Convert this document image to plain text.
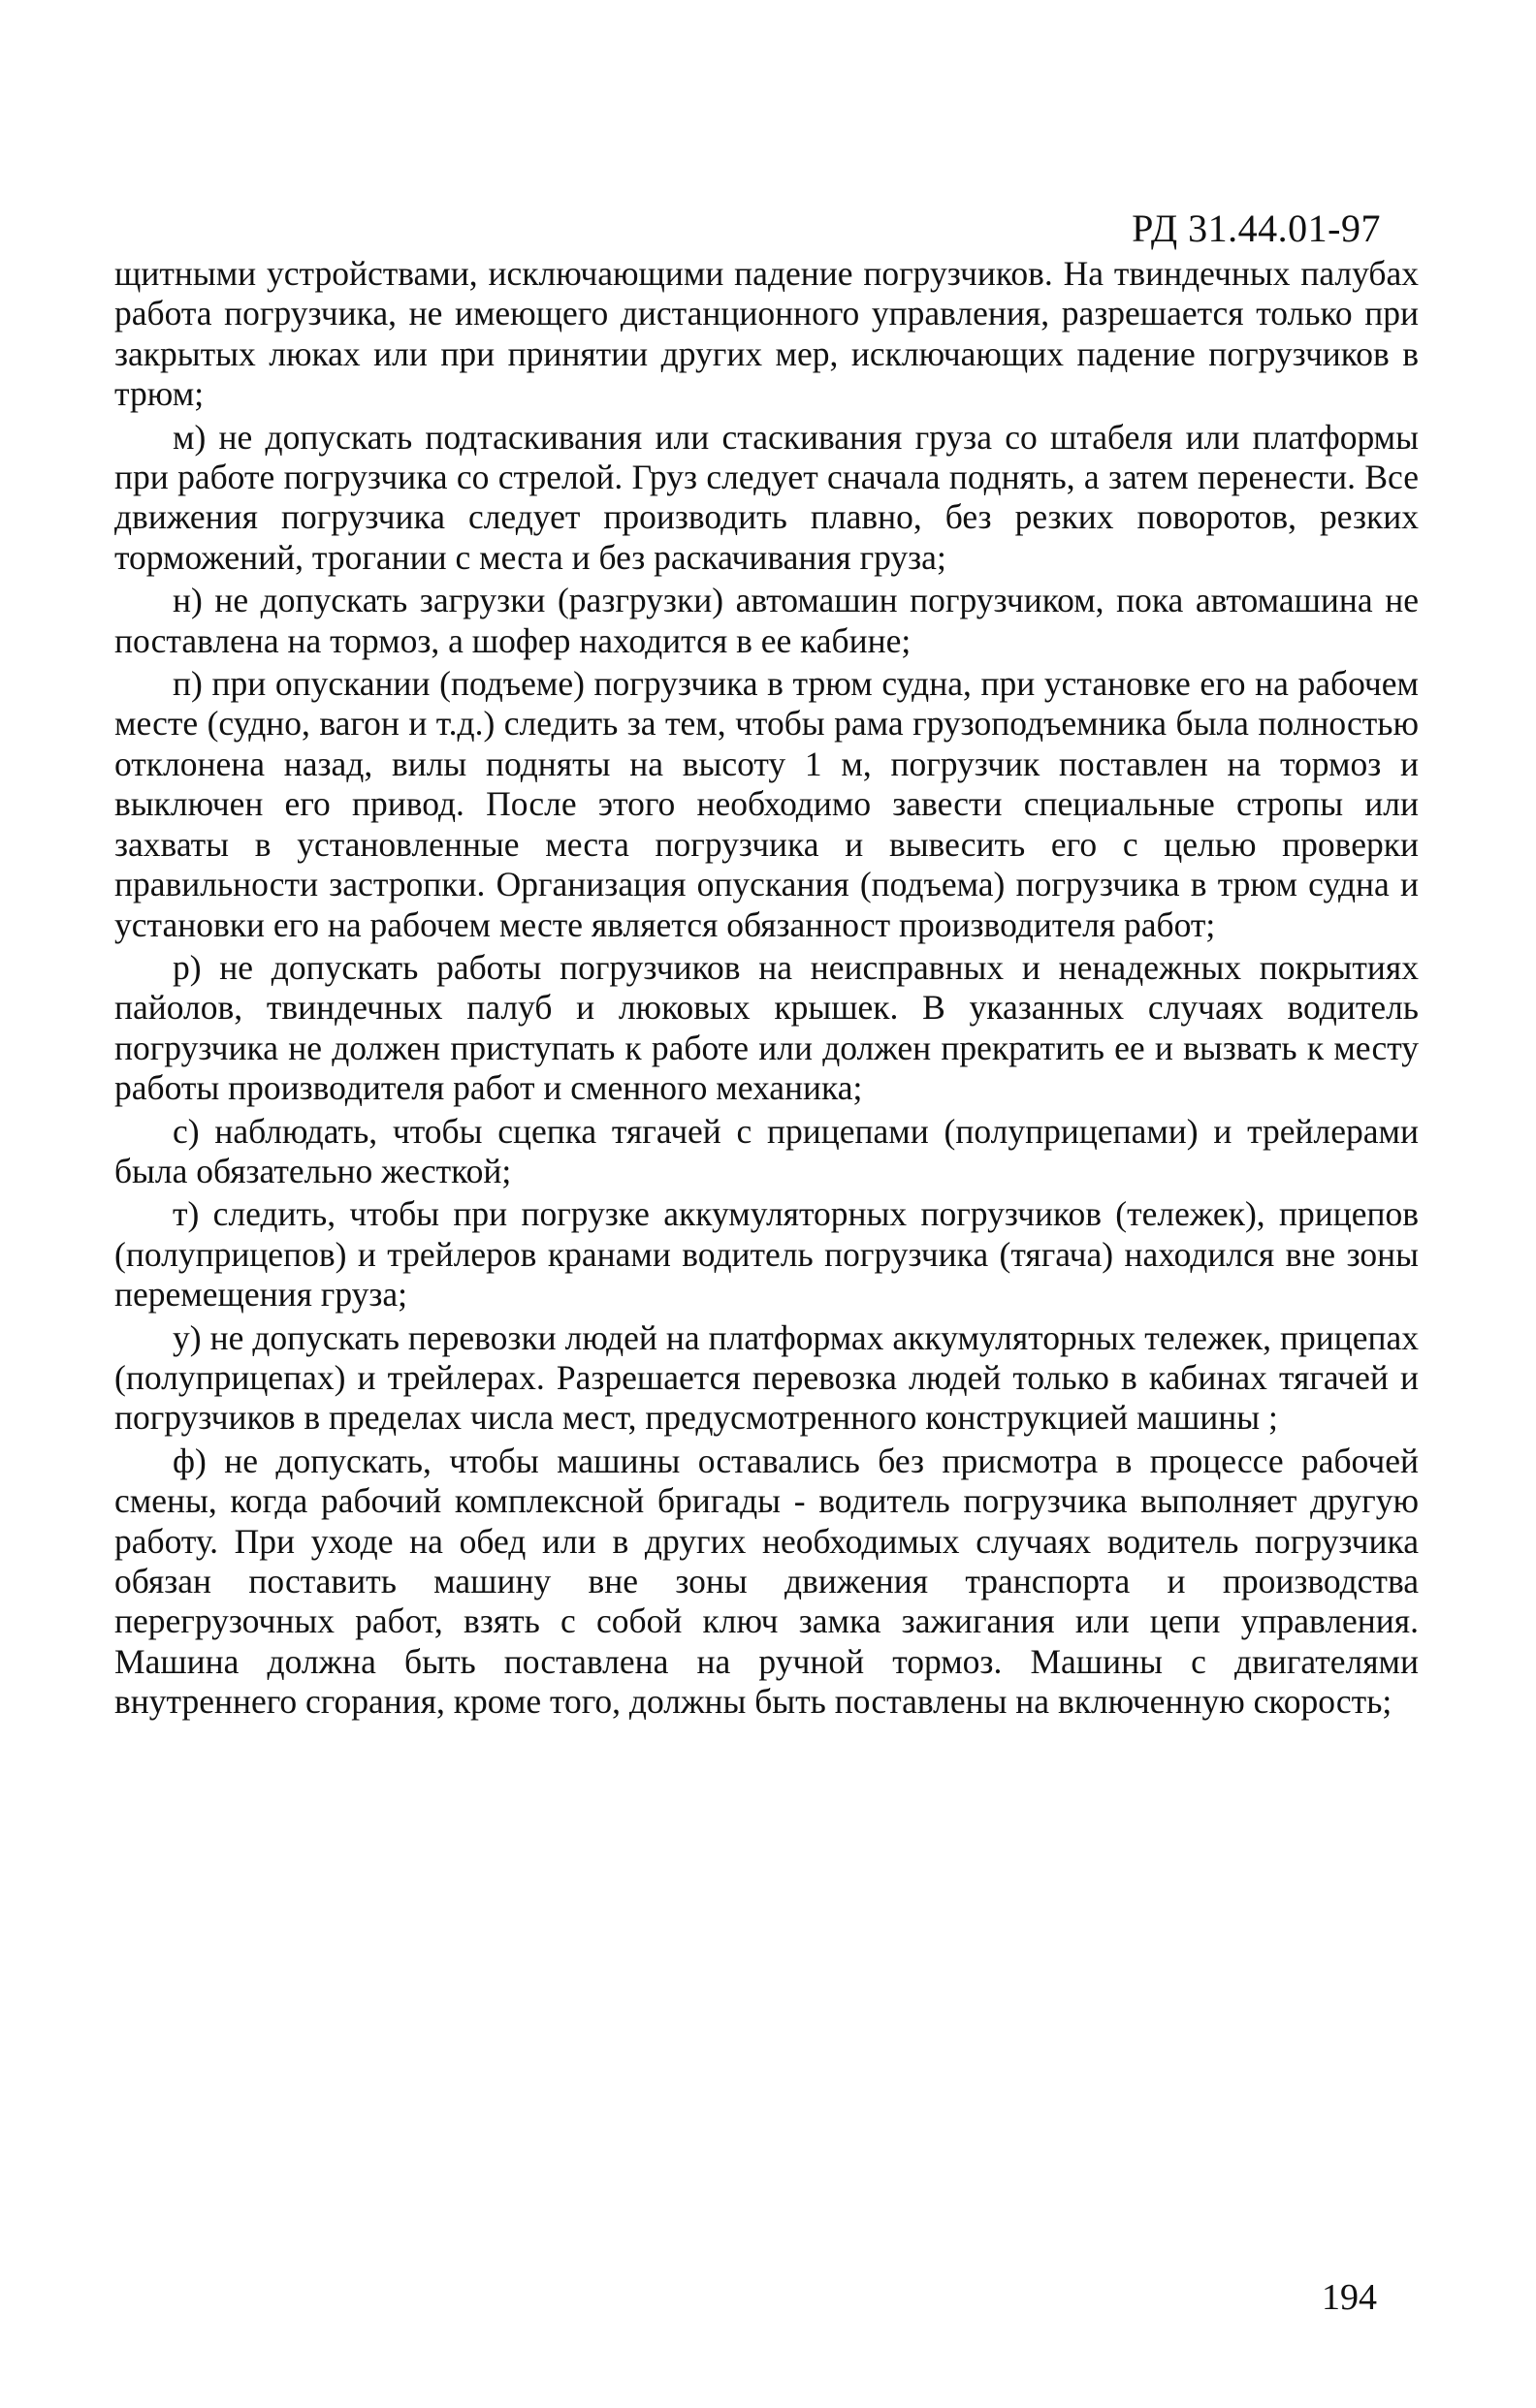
РД 31.44.01-97

щитными устройствами, исключающими падение погрузчиков. На твиндечных палубах работа погрузчика, не имеющего дистанционного управления, разрешается только при закрытых люках или при принятии других мер, исключающих падение погрузчиков в трюм;

м) не допускать подтаскивания или стаскивания груза со штабеля или платформы при работе погрузчика со стрелой. Груз следует сначала поднять, а затем перенести. Все движения погрузчика следует производить плавно, без резких поворотов, резких торможений, трогании с места и без раскачивания груза;

н) не допускать загрузки (разгрузки) автомашин погрузчиком, пока автомашина не поставлена на тормоз, а шофер находится в ее кабине;

п) при опускании (подъеме) погрузчика в трюм судна, при установке его на рабочем месте (судно, вагон и т.д.) следить за тем, чтобы рама грузоподъемника была полностью отклонена назад, вилы подняты на высоту 1 м, погрузчик поставлен на тормоз и выключен его привод. После этого необходимо завести специальные стропы или захваты в установленные места погрузчика и вывесить его с целью проверки правильности застропки. Организация опускания (подъема) погрузчика в трюм судна и установки его на рабочем месте является обязанност производителя работ;

р) не допускать работы погрузчиков на неисправных и ненадежных покрытиях пайолов, твиндечных палуб и люковых крышек. В указанных случаях водитель погрузчика не должен приступать к работе или должен прекратить ее и вызвать к месту работы производителя работ и сменного механика;

с) наблюдать, чтобы сцепка тягачей с прицепами (полуприцепами) и трейлерами была обязательно жесткой;

т) следить, чтобы при погрузке аккумуляторных погрузчиков (тележек), прицепов (полуприцепов) и трейлеров кранами водитель погрузчика (тягача) находился вне зоны перемещения груза;

у) не допускать перевозки людей на платформах аккумуляторных тележек, прицепах (полуприцепах) и трейлерах. Разрешается перевозка людей только в кабинах тягачей и погрузчиков в пределах числа мест, предусмотренного конструкцией машины ;

ф) не допускать, чтобы машины оставались без присмотра в процессе рабочей смены, когда рабочий комплексной бригады - водитель погрузчика выполняет другую работу. При уходе на обед или в других необходимых случаях водитель погрузчика обязан поставить машину вне зоны движения транспорта и производства перегрузочных работ, взять с собой ключ замка зажигания или цепи управления. Машина должна быть поставлена на ручной тормоз. Машины с двигателями внутреннего сгорания, кроме того, должны быть поставлены на включенную скорость;

194
